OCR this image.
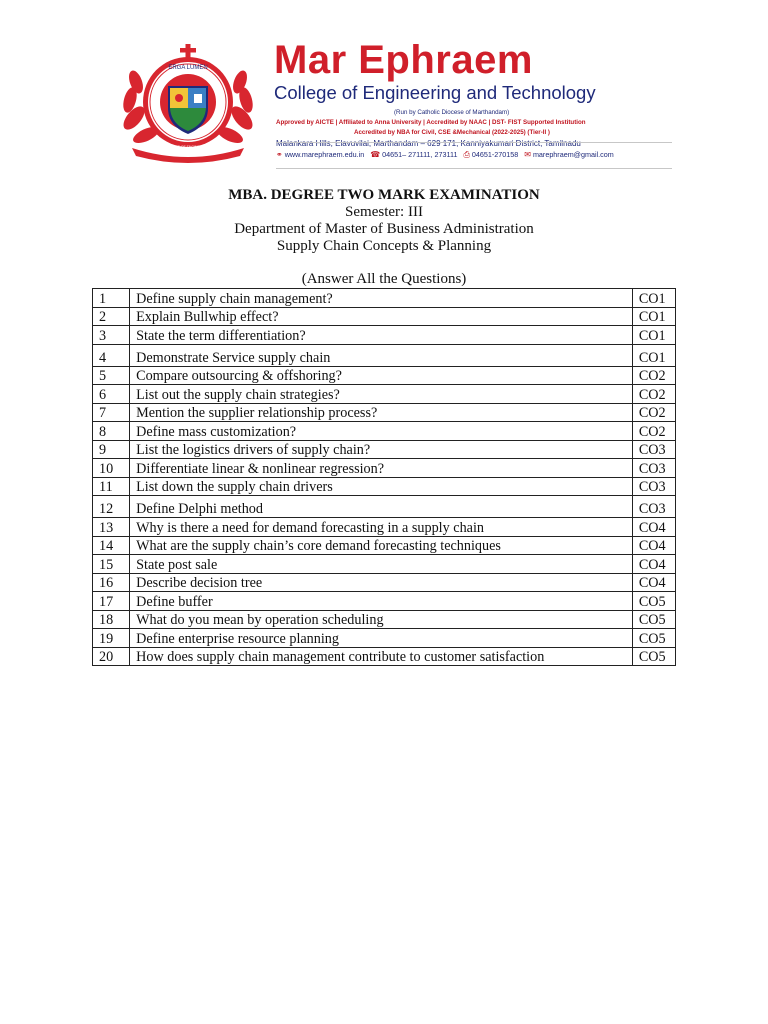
ERGA LUMEN
MAR EPHRAEM COLLEGE OF ENGINEERING & TECHNOLOGY
Mar Ephraem
College of Engineering and Technology
(Run by Catholic Diocese of Marthandam)
Approved by AICTE | Affiliated to Anna University | Accredited by NAAC | DST- FIST Supported Institution
Accredited by NBA for Civil, CSE &Mechanical (2022-2025) (Tier-II )
Malankara Hills, Elavuvilai, Marthandam – 629 171, Kanniyakumari District, Tamilnadu
⚭ www.marephraem.edu.in ☎ 04651– 271111, 273111 ⎙ 04651-270158 ✉ marephraem@gmail.com
MBA. DEGREE TWO MARK EXAMINATION
Semester: III
Department of Master of Business Administration
Supply Chain Concepts & Planning
(Answer All the Questions)
1	Define supply chain management?	CO1
2	Explain Bullwhip effect?	CO1
3	State the term differentiation?	CO1
4	Demonstrate Service supply chain	CO1
5	Compare outsourcing & offshoring?	CO2
6	List out the supply chain strategies?	CO2
7	Mention the supplier relationship process?	CO2
8	Define mass customization?	CO2
9	List the logistics drivers of supply chain?	CO3
10	Differentiate linear & nonlinear regression?	CO3
11	List down the supply chain drivers	CO3
12	Define Delphi method	CO3
13	Why is there a need for demand forecasting in a supply chain	CO4
14	What are the supply chain’s core demand forecasting techniques	CO4
15	State post sale	CO4
16	Describe decision tree	CO4
17	Define buffer	CO5
18	What do you mean by operation scheduling	CO5
19	Define enterprise resource planning	CO5
20	How does supply chain management contribute to customer satisfaction	CO5
